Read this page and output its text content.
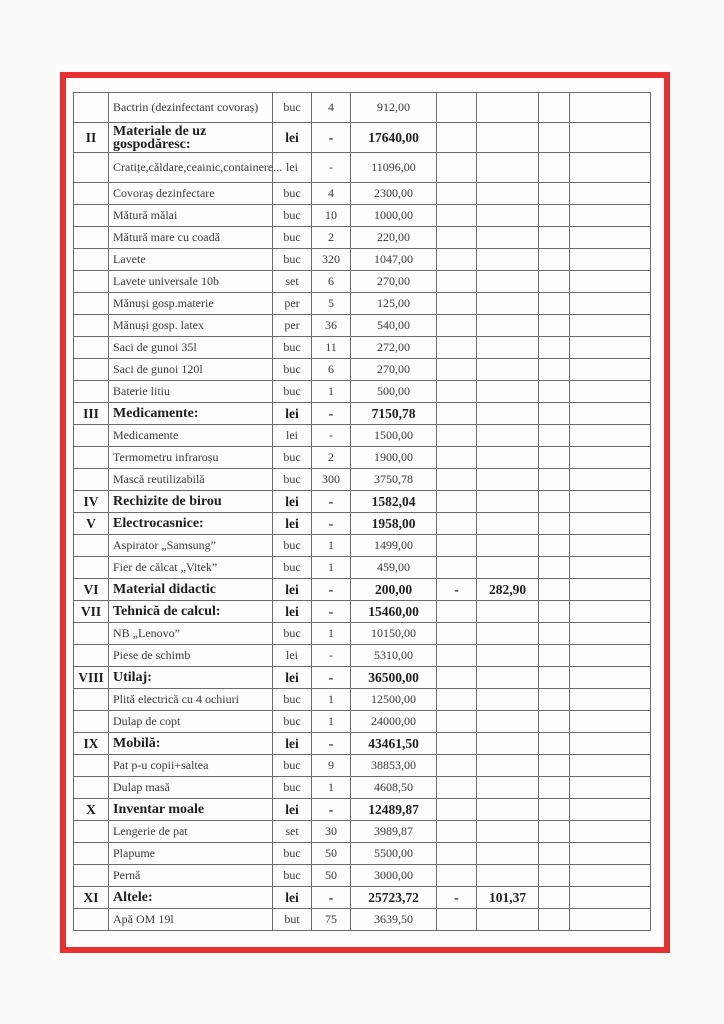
	Bactrin (dezinfectant covoraș)	buc	4	912,00				
II	Materiale de uz gospodăresc:	lei	-	17640,00				
	Cratițe,căldare,ceainic,containere...	lei	-	11096,00				
	Covoraș dezinfectare	buc	4	2300,00				
	Mătură mălai	buc	10	1000,00				
	Mătură mare cu coadă	buc	2	220,00				
	Lavete	buc	320	1047,00				
	Lavete universale 10b	set	6	270,00				
	Mănuși gosp.materie	per	5	125,00				
	Mănuși gosp. latex	per	36	540,00				
	Saci de gunoi 35l	buc	11	272,00				
	Saci de gunoi 120l	buc	6	270,00				
	Baterie litiu	buc	1	500,00				
III	Medicamente:	lei	-	7150,78				
	Medicamente	lei	-	1500,00				
	Termometru infraroșu	buc	2	1900,00				
	Mască reutilizabilă	buc	300	3750,78				
IV	Rechizite de birou	lei	-	1582,04				
V	Electrocasnice:	lei	-	1958,00				
	Aspirator „Samsung”	buc	1	1499,00				
	Fier de călcat „Vitek”	buc	1	459,00				
VI	Material didactic	lei	-	200,00	-	282,90		
VII	Tehnică de calcul:	lei	-	15460,00				
	NB „Lenovo”	buc	1	10150,00				
	Piese de schimb	lei	-	5310,00				
VIII	Utilaj:	lei	-	36500,00				
	Plită electrică cu 4 ochiuri	buc	1	12500,00				
	Dulap de copt	buc	1	24000,00				
IX	Mobilă:	lei	-	43461,50				
	Pat p-u copii+saltea	buc	9	38853,00				
	Dulap masă	buc	1	4608,50				
X	Inventar moale	lei	-	12489,87				
	Lengerie de pat	set	30	3989,87				
	Plapume	buc	50	5500,00				
	Pernă	buc	50	3000,00				
XI	Altele:	lei	-	25723,72	-	101,37		
	Apă OM 19l	but	75	3639,50				
